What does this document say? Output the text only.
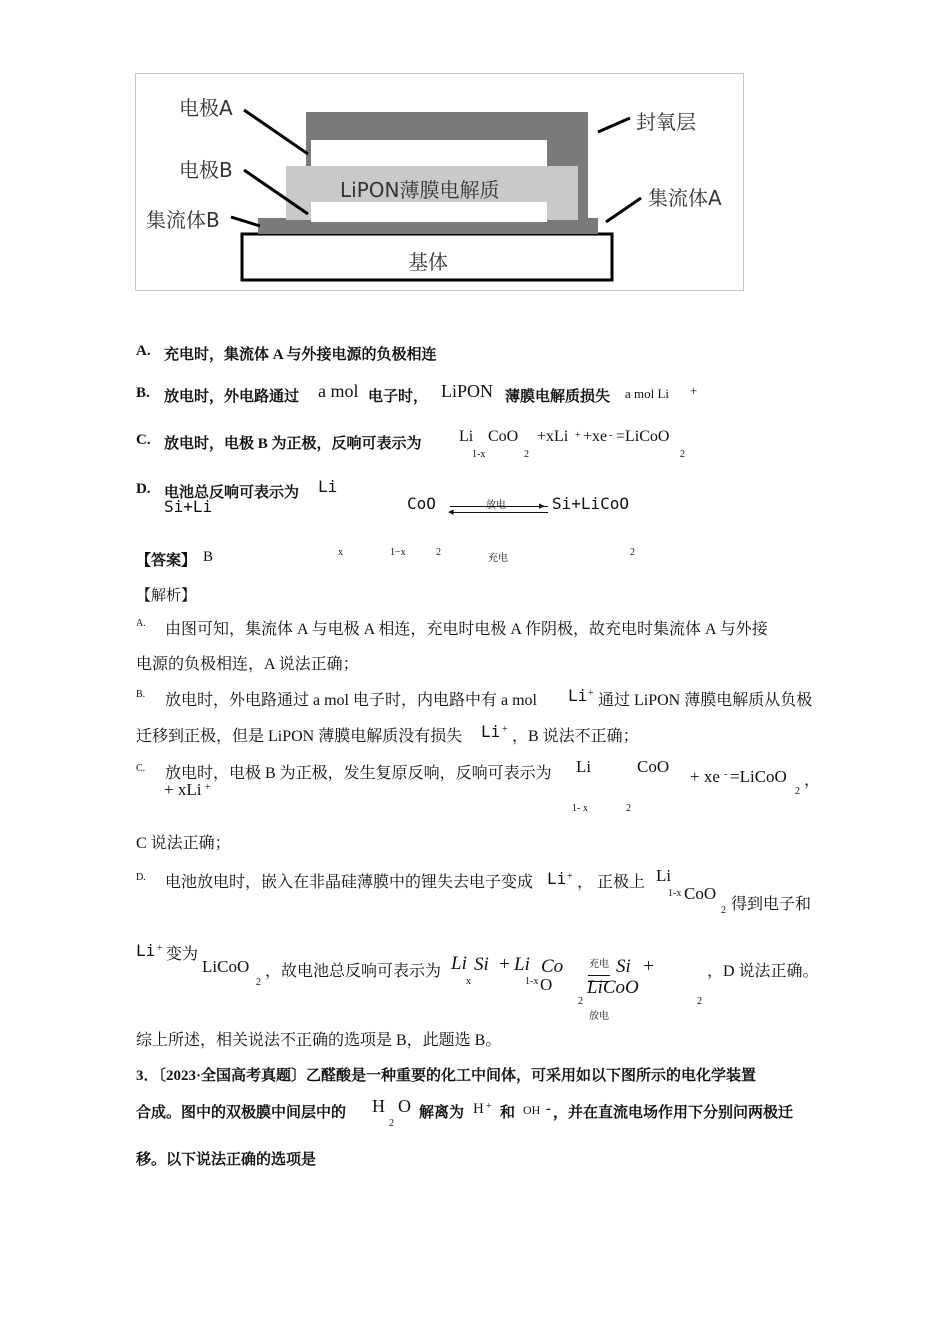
电极A
电极B
集流体B
封氧层
集流体A
LiPON薄膜电解质
基体
A. 充电时，集流体 A 与外接电源的负极相连
B. 放电时，外电路通过 a mol 电子时， LiPON 薄膜电解质损失 a mol Li +
C. 放电时，电极 B 为正极，反响可表示为 Li
1-x
CoO
2
+xLi + +xe - =LiCoO
2
D. 电池总反响可表示为 Li
Si+Li	CoO	放电	▸
◂	Si+LiCoO
【答案】 B	x	1−x	2
充电
2
【解析】
A. 由图可知，集流体 A 与电极 A 相连，充电时电极 A 作阴极，故充电时集流体 A 与外接
电源的负极相连，A 说法正确；
B. 放电时，外电路通过 a mol 电子时，内电路中有 a mol Li + 通过 LiPON 薄膜电解质从负极
迁移到正极，但是 LiPON 薄膜电解质没有损失 Li + ，B 说法不正确；
C. 放电时，电极 B 为正极，发生复原反响，反响可表示为 Li	CoO
+ xLi +
+ xe - =LiCoO
2
，
1- x	2
C 说法正确；
D. 电池放电时，嵌入在非晶硅薄膜中的锂失去电子变成 Li + ， 正极上 Li
1-x CoO
2 得到电子和
Li + 变为
LiCoO
2
，故电池总反响可表示为 Li Si + Li Co	充电 Si +
x	1-x O LiCoO
2
放电
2
，D 说法正确。
综上所述，相关说法不正确的选项是 B，此题选 B。
3．〔2023·全国高考真题〕乙醛酸是一种重要的化工中间体，可采用如以下图所示的电化学装置
合成。图中的双极膜中间层中的 H O
2
解离为 H + 和 OH - ，并在直流电场作用下分别问两极迁
移。以下说法正确的选项是
